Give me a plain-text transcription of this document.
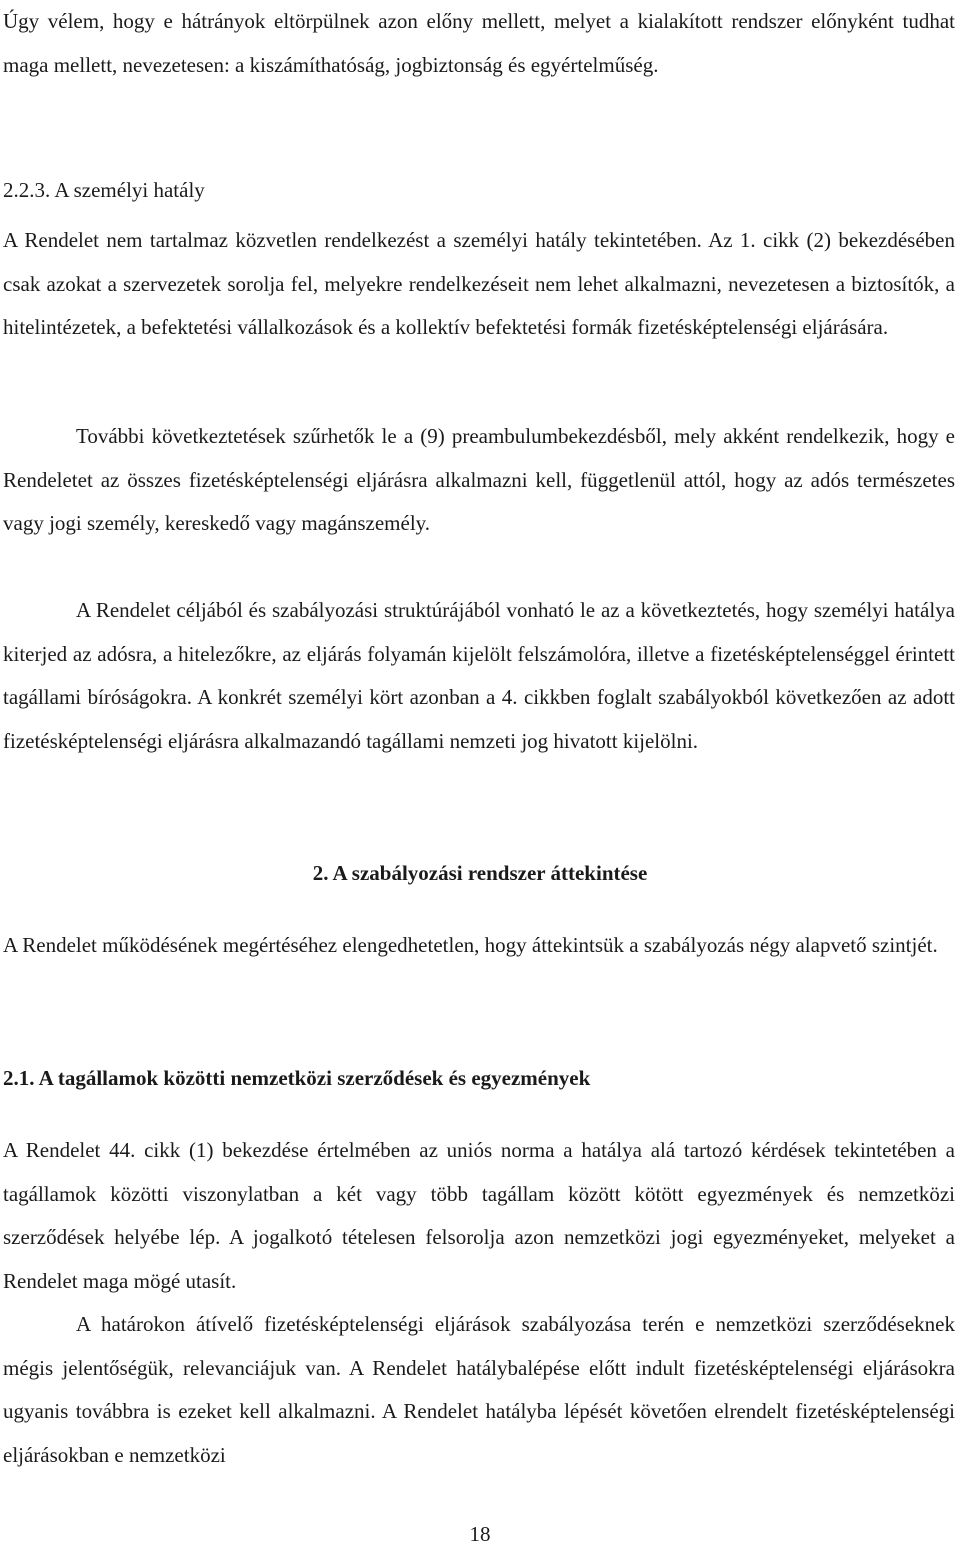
Úgy vélem, hogy e hátrányok eltörpülnek azon előny mellett, melyet a kialakított rendszer előnyként tudhat maga mellett, nevezetesen: a kiszámíthatóság, jogbiztonság és egyértelműség.

2.2.3. A személyi hatály

A Rendelet nem tartalmaz közvetlen rendelkezést a személyi hatály tekintetében. Az 1. cikk (2) bekezdésében csak azokat a szervezetek sorolja fel, melyekre rendelkezéseit nem lehet alkalmazni, nevezetesen a biztosítók, a hitelintézetek, a befektetési vállalkozások és a kollektív befektetési formák fizetésképtelenségi eljárására.

További következtetések szűrhetők le a (9) preambulumbekezdésből, mely akként rendelkezik, hogy e Rendeletet az összes fizetésképtelenségi eljárásra alkalmazni kell, függetlenül attól, hogy az adós természetes vagy jogi személy, kereskedő vagy magánszemély.

A Rendelet céljából és szabályozási struktúrájából vonható le az a következtetés, hogy személyi hatálya kiterjed az adósra, a hitelezőkre, az eljárás folyamán kijelölt felszámolóra, illetve a fizetésképtelenséggel érintett tagállami bíróságokra. A konkrét személyi kört azonban a 4. cikkben foglalt szabályokból következően az adott fizetésképtelenségi eljárásra alkalmazandó tagállami nemzeti jog hivatott kijelölni.

2. A szabályozási rendszer áttekintése

A Rendelet működésének megértéséhez elengedhetetlen, hogy áttekintsük a szabályozás négy alapvető szintjét.

2.1. A tagállamok közötti nemzetközi szerződések és egyezmények

A Rendelet 44. cikk (1) bekezdése értelmében az uniós norma a hatálya alá tartozó kérdések tekintetében a tagállamok közötti viszonylatban a két vagy több tagállam között kötött egyezmények és nemzetközi szerződések helyébe lép. A jogalkotó tételesen felsorolja azon nemzetközi jogi egyezményeket, melyeket a Rendelet maga mögé utasít.

A határokon átívelő fizetésképtelenségi eljárások szabályozása terén e nemzetközi szerződéseknek mégis jelentőségük, relevanciájuk van. A Rendelet hatálybalépése előtt indult fizetésképtelenségi eljárásokra ugyanis továbbra is ezeket kell alkalmazni. A Rendelet hatályba lépését követően elrendelt fizetésképtelenségi eljárásokban e nemzetközi

18
